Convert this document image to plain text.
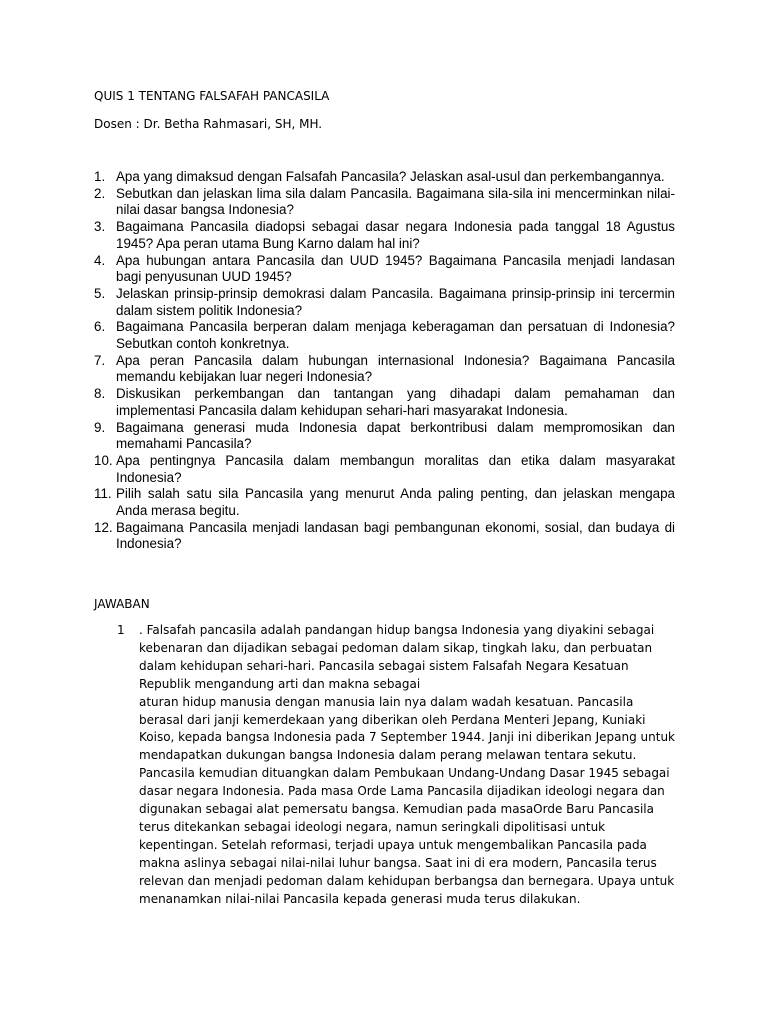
QUIS 1 TENTANG FALSAFAH PANCASILA
Dosen : Dr. Betha Rahmasari, SH, MH.
1. Apa yang dimaksud dengan Falsafah Pancasila? Jelaskan asal-usul dan perkembangannya.
2. Sebutkan dan jelaskan lima sila dalam Pancasila. Bagaimana sila-sila ini mencerminkan nilai-nilai dasar bangsa Indonesia?
3. Bagaimana Pancasila diadopsi sebagai dasar negara Indonesia pada tanggal 18 Agustus 1945? Apa peran utama Bung Karno dalam hal ini?
4. Apa hubungan antara Pancasila dan UUD 1945? Bagaimana Pancasila menjadi landasan bagi penyusunan UUD 1945?
5. Jelaskan prinsip-prinsip demokrasi dalam Pancasila. Bagaimana prinsip-prinsip ini tercermin dalam sistem politik Indonesia?
6. Bagaimana Pancasila berperan dalam menjaga keberagaman dan persatuan di Indonesia? Sebutkan contoh konkretnya.
7. Apa peran Pancasila dalam hubungan internasional Indonesia? Bagaimana Pancasila memandu kebijakan luar negeri Indonesia?
8. Diskusikan perkembangan dan tantangan yang dihadapi dalam pemahaman dan implementasi Pancasila dalam kehidupan sehari-hari masyarakat Indonesia.
9. Bagaimana generasi muda Indonesia dapat berkontribusi dalam mempromosikan dan memahami Pancasila?
10. Apa pentingnya Pancasila dalam membangun moralitas dan etika dalam masyarakat Indonesia?
11. Pilih salah satu sila Pancasila yang menurut Anda paling penting, dan jelaskan mengapa Anda merasa begitu.
12. Bagaimana Pancasila menjadi landasan bagi pembangunan ekonomi, sosial, dan budaya di Indonesia?
JAWABAN
1 . Falsafah pancasila adalah pandangan hidup bangsa Indonesia yang diyakini sebagai kebenaran dan dijadikan sebagai pedoman dalam sikap, tingkah laku, dan perbuatan dalam kehidupan sehari-hari. Pancasila sebagai sistem Falsafah Negara Kesatuan Republik mengandung arti dan makna sebagai

aturan hidup manusia dengan manusia lain nya dalam wadah kesatuan. Pancasila berasal dari janji kemerdekaan yang diberikan oleh Perdana Menteri Jepang, Kuniaki Koiso, kepada bangsa Indonesia pada 7 September 1944. Janji ini diberikan Jepang untuk mendapatkan dukungan bangsa Indonesia dalam perang melawan tentara sekutu.

Pancasila kemudian dituangkan dalam Pembukaan Undang-Undang Dasar 1945 sebagai dasar negara Indonesia. Pada masa Orde Lama Pancasila dijadikan ideologi negara dan digunakan sebagai alat pemersatu bangsa. Kemudian pada masaOrde Baru Pancasila terus ditekankan sebagai ideologi negara, namun seringkali dipolitisasi untuk kepentingan. Setelah reformasi, terjadi upaya untuk mengembalikan Pancasila pada makna aslinya sebagai nilai-nilai luhur bangsa. Saat ini di era modern, Pancasila terus relevan dan menjadi pedoman dalam kehidupan berbangsa dan bernegara. Upaya untuk menanamkan nilai-nilai Pancasila kepada generasi muda terus dilakukan.
